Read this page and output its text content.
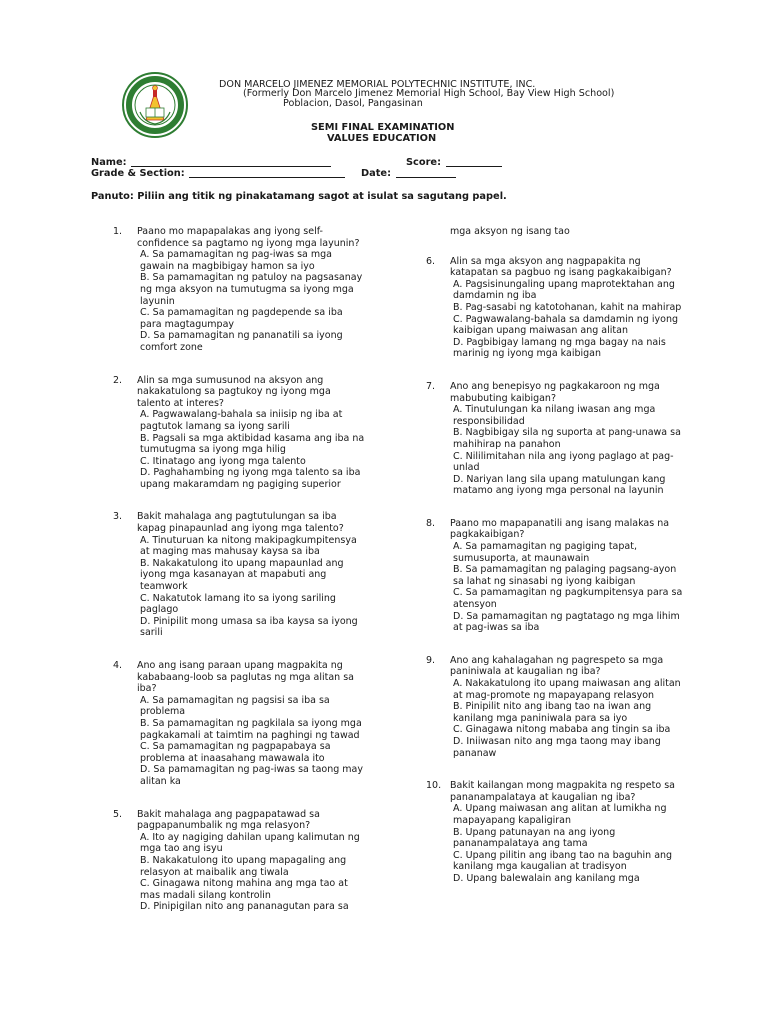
DON MARCELO JIMENEZ MEMORIAL POLYTECHNIC INSTITUTE, INC.
(Formerly Don Marcelo Jimenez Memorial High School, Bay View High School)
Poblacion, Dasol, Pangasinan
SEMI FINAL EXAMINATION
VALUES EDUCATION
Name:	Score:
Grade & Section:	Date:
Panuto: Piliin ang titik ng pinakatamang sagot at isulat sa sagutang papel.
1. Paano mo mapapalakas ang iyong self-confidence sa pagtamo ng iyong mga layunin?
A. Sa pamamagitan ng pag-iwas sa mga gawain na magbibigay hamon sa iyo
B. Sa pamamagitan ng patuloy na pagsasanay ng mga aksyon na tumutugma sa iyong mga layunin
C. Sa pamamagitan ng pagdepende sa iba para magtagumpay
D. Sa pamamagitan ng pananatili sa iyong comfort zone
2. Alin sa mga sumusunod na aksyon ang nakakatulong sa pagtukoy ng iyong mga talento at interes?
A. Pagwawalang-bahala sa iniisip ng iba at pagtutok lamang sa iyong sarili
B. Pagsali sa mga aktibidad kasama ang iba na tumutugma sa iyong mga hilig
C. Itinatago ang iyong mga talento
D. Paghahambing ng iyong mga talento sa iba upang makaramdam ng pagiging superior
3. Bakit mahalaga ang pagtutulungan sa iba kapag pinapaunlad ang iyong mga talento?
A. Tinuturuan ka nitong makipagkumpitensya at maging mas mahusay kaysa sa iba
B. Nakakatulong ito upang mapaunlad ang iyong mga kasanayan at mapabuti ang teamwork
C. Nakatutok lamang ito sa iyong sariling paglago
D. Pinipilit mong umasa sa iba kaysa sa iyong sarili
4. Ano ang isang paraan upang magpakita ng kababaang-loob sa paglutas ng mga alitan sa iba?
A. Sa pamamagitan ng pagsisi sa iba sa problema
B. Sa pamamagitan ng pagkilala sa iyong mga pagkakamali at taimtim na paghingi ng tawad
C. Sa pamamagitan ng pagpapabaya sa problema at inaasahang mawawala ito
D. Sa pamamagitan ng pag-iwas sa taong may alitan ka
5. Bakit mahalaga ang pagpapatawad sa pagpapanumbalik ng mga relasyon?
A. Ito ay nagiging dahilan upang kalimutan ng mga tao ang isyu
B. Nakakatulong ito upang mapagaling ang relasyon at maibalik ang tiwala
C. Ginagawa nitong mahina ang mga tao at mas madali silang kontrolin
D. Pinipigilan nito ang pananagutan para sa
mga aksyon ng isang tao
6. Alin sa mga aksyon ang nagpapakita ng katapatan sa pagbuo ng isang pagkakaibigan?
A. Pagsisinungaling upang maprotektahan ang damdamin ng iba
B. Pag-sasabi ng katotohanan, kahit na mahirap
C. Pagwawalang-bahala sa damdamin ng iyong kaibigan upang maiwasan ang alitan
D. Pagbibigay lamang ng mga bagay na nais marinig ng iyong mga kaibigan
7. Ano ang benepisyo ng pagkakaroon ng mga mabubuting kaibigan?
A. Tinutulungan ka nilang iwasan ang mga responsibilidad
B. Nagbibigay sila ng suporta at pang-unawa sa mahihirap na panahon
C. Nililimitahan nila ang iyong paglago at pag-unlad
D. Nariyan lang sila upang matulungan kang matamo ang iyong mga personal na layunin
8. Paano mo mapapanatili ang isang malakas na pagkakaibigan?
A. Sa pamamagitan ng pagiging tapat, sumusuporta, at maunawain
B. Sa pamamagitan ng palaging pagsang-ayon sa lahat ng sinasabi ng iyong kaibigan
C. Sa pamamagitan ng pagkumpitensya para sa atensyon
D. Sa pamamagitan ng pagtatago ng mga lihim at pag-iwas sa iba
9. Ano ang kahalagahan ng pagrespeto sa mga paniniwala at kaugalian ng iba?
A. Nakakatulong ito upang maiwasan ang alitan at mag-promote ng mapayapang relasyon
B. Pinipilit nito ang ibang tao na iwan ang kanilang mga paniniwala para sa iyo
C. Ginagawa nitong mababa ang tingin sa iba
D. Iniiwasan nito ang mga taong may ibang pananaw
10. Bakit kailangan mong magpakita ng respeto sa pananampalataya at kaugalian ng iba?
A. Upang maiwasan ang alitan at lumikha ng mapayapang kapaligiran
B. Upang patunayan na ang iyong pananampalataya ang tama
C. Upang pilitin ang ibang tao na baguhin ang kanilang mga kaugalian at tradisyon
D. Upang balewalain ang kanilang mga
